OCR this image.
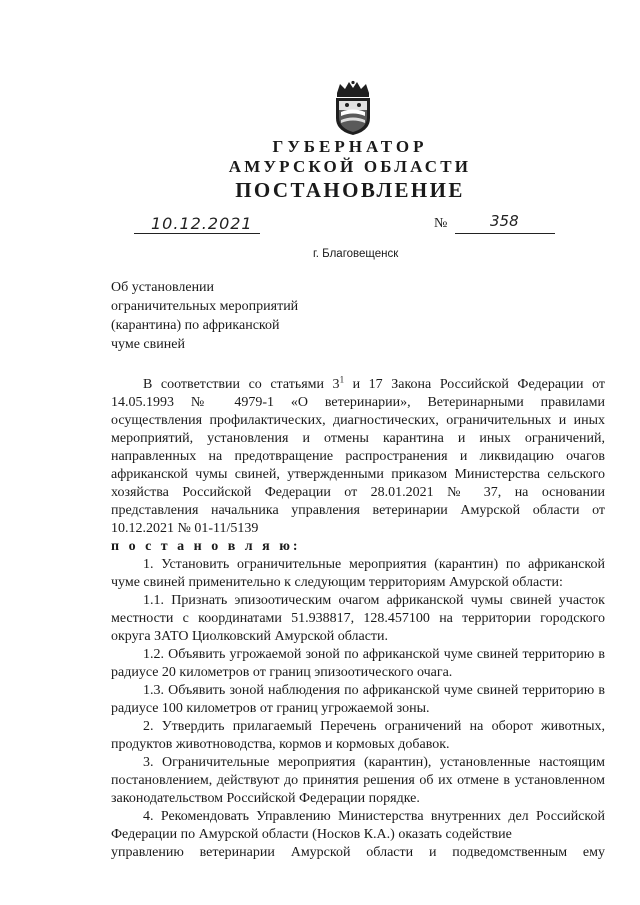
ГУБЕРНАТОР
АМУРСКОЙ ОБЛАСТИ
ПОСТАНОВЛЕНИЕ
10.12.2021	№	358
г. Благовещенск
Об установлении
ограничительных мероприятий
(карантина) по африканской
чуме свиней
В соответствии со статьями $3^1$ и 17 Закона Российской Федерации от 14.05.1993 № 4979-1 «О ветеринарии», Ветеринарными правилами осуществления профилактических, диагностических, ограничительных и иных мероприятий, установления и отмены карантина и иных ограничений, направленных на предотвращение распространения и ликвидацию очагов африканской чумы свиней, утвержденными приказом Министерства сельского хозяйства Российской Федерации от 28.01.2021 № 37, на основании представления начальника управления ветеринарии Амурской области от 10.12.2021 № 01-11/5139
п о с т а н о в л я ю:
1. Установить ограничительные мероприятия (карантин) по африканской чуме свиней применительно к следующим территориям Амурской области:
1.1. Признать эпизоотическим очагом африканской чумы свиней участок местности с координатами 51.938817, 128.457100 на территории городского округа ЗАТО Циолковский Амурской области.
1.2. Объявить угрожаемой зоной по африканской чуме свиней территорию в радиусе 20 километров от границ эпизоотического очага.
1.3. Объявить зоной наблюдения по африканской чуме свиней территорию в радиусе 100 километров от границ угрожаемой зоны.
2. Утвердить прилагаемый Перечень ограничений на оборот животных, продуктов животноводства, кормов и кормовых добавок.
3. Ограничительные мероприятия (карантин), установленные настоящим постановлением, действуют до принятия решения об их отмене в установленном законодательством Российской Федерации порядке.
4. Рекомендовать Управлению Министерства внутренних дел Российской Федерации по Амурской области (Носков К.А.) оказать содействие
управлению ветеринарии Амурской области и подведомственным ему
